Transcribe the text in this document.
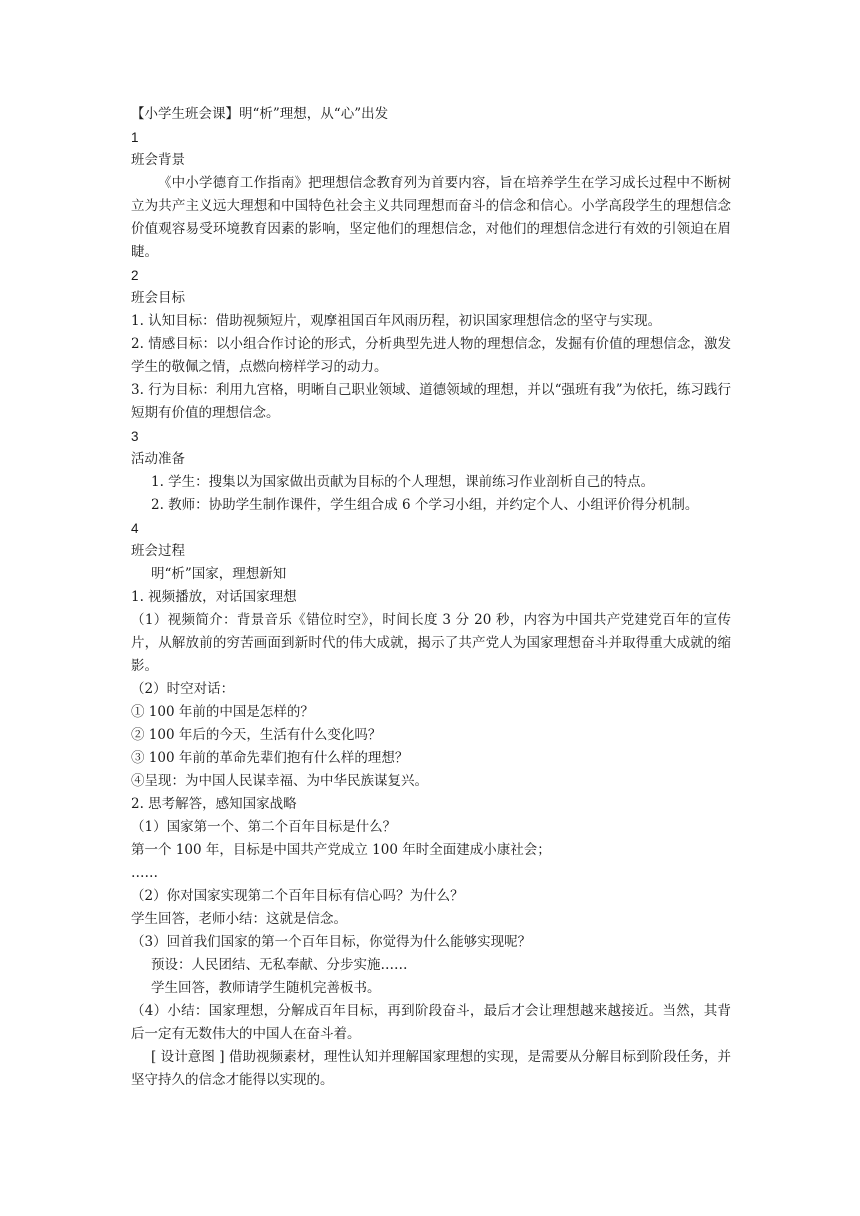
【小学生班会课】明“析”理想，从“心”出发
1
班会背景
《中小学德育工作指南》把理想信念教育列为首要内容，旨在培养学生在学习成长过程中不断树立为共产主义远大理想和中国特色社会主义共同理想而奋斗的信念和信心。小学高段学生的理想信念价值观容易受环境教育因素的影响，坚定他们的理想信念，对他们的理想信念进行有效的引领迫在眉睫。
2
班会目标
1. 认知目标：借助视频短片，观摩祖国百年风雨历程，初识国家理想信念的坚守与实现。
2. 情感目标：以小组合作讨论的形式，分析典型先进人物的理想信念，发掘有价值的理想信念，激发学生的敬佩之情，点燃向榜样学习的动力。
3. 行为目标：利用九宫格，明晰自己职业领域、道德领域的理想，并以“强班有我”为依托，练习践行短期有价值的理想信念。
3
活动准备
1. 学生：搜集以为国家做出贡献为目标的个人理想，课前练习作业剖析自己的特点。
2. 教师：协助学生制作课件，学生组合成 6 个学习小组，并约定个人、小组评价得分机制。
4
班会过程
明“析”国家，理想新知
1. 视频播放，对话国家理想
（1）视频简介：背景音乐《错位时空》，时间长度 3 分 20 秒，内容为中国共产党建党百年的宣传片，从解放前的穷苦画面到新时代的伟大成就，揭示了共产党人为国家理想奋斗并取得重大成就的缩影。
（2）时空对话：
① 100 年前的中国是怎样的？
② 100 年后的今天，生活有什么变化吗？
③ 100 年前的革命先辈们抱有什么样的理想？
④呈现：为中国人民谋幸福、为中华民族谋复兴。
2. 思考解答，感知国家战略
（1）国家第一个、第二个百年目标是什么？
第一个 100 年，目标是中国共产党成立 100 年时全面建成小康社会；
……
（2）你对国家实现第二个百年目标有信心吗？为什么？
学生回答，老师小结：这就是信念。
（3）回首我们国家的第一个百年目标，你觉得为什么能够实现呢？
预设：人民团结、无私奉献、分步实施……
学生回答，教师请学生随机完善板书。
（4）小结：国家理想，分解成百年目标，再到阶段奋斗，最后才会让理想越来越接近。当然，其背后一定有无数伟大的中国人在奋斗着。
[ 设计意图 ] 借助视频素材，理性认知并理解国家理想的实现，是需要从分解目标到阶段任务，并坚守持久的信念才能得以实现的。
